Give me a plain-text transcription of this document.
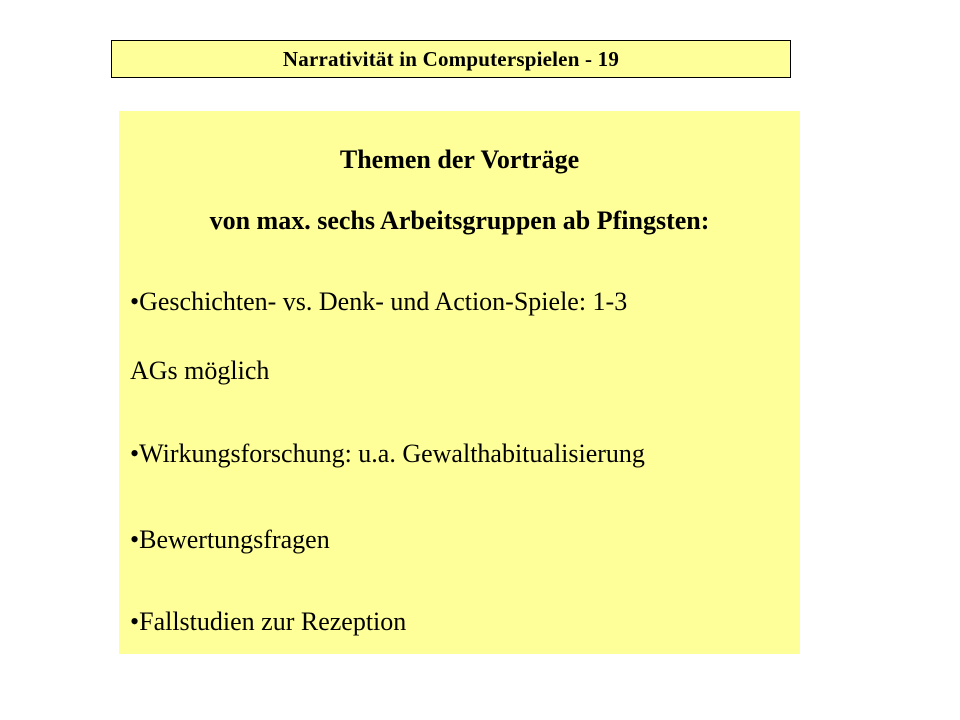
Narrativität in Computerspielen - 19
Themen der Vorträge
von max. sechs Arbeitsgruppen ab Pfingsten:
•Geschichten- vs. Denk- und Action-Spiele: 1-3
AGs möglich
•Wirkungsforschung: u.a. Gewalthabitualisierung
•Bewertungsfragen
•Fallstudien zur Rezeption
